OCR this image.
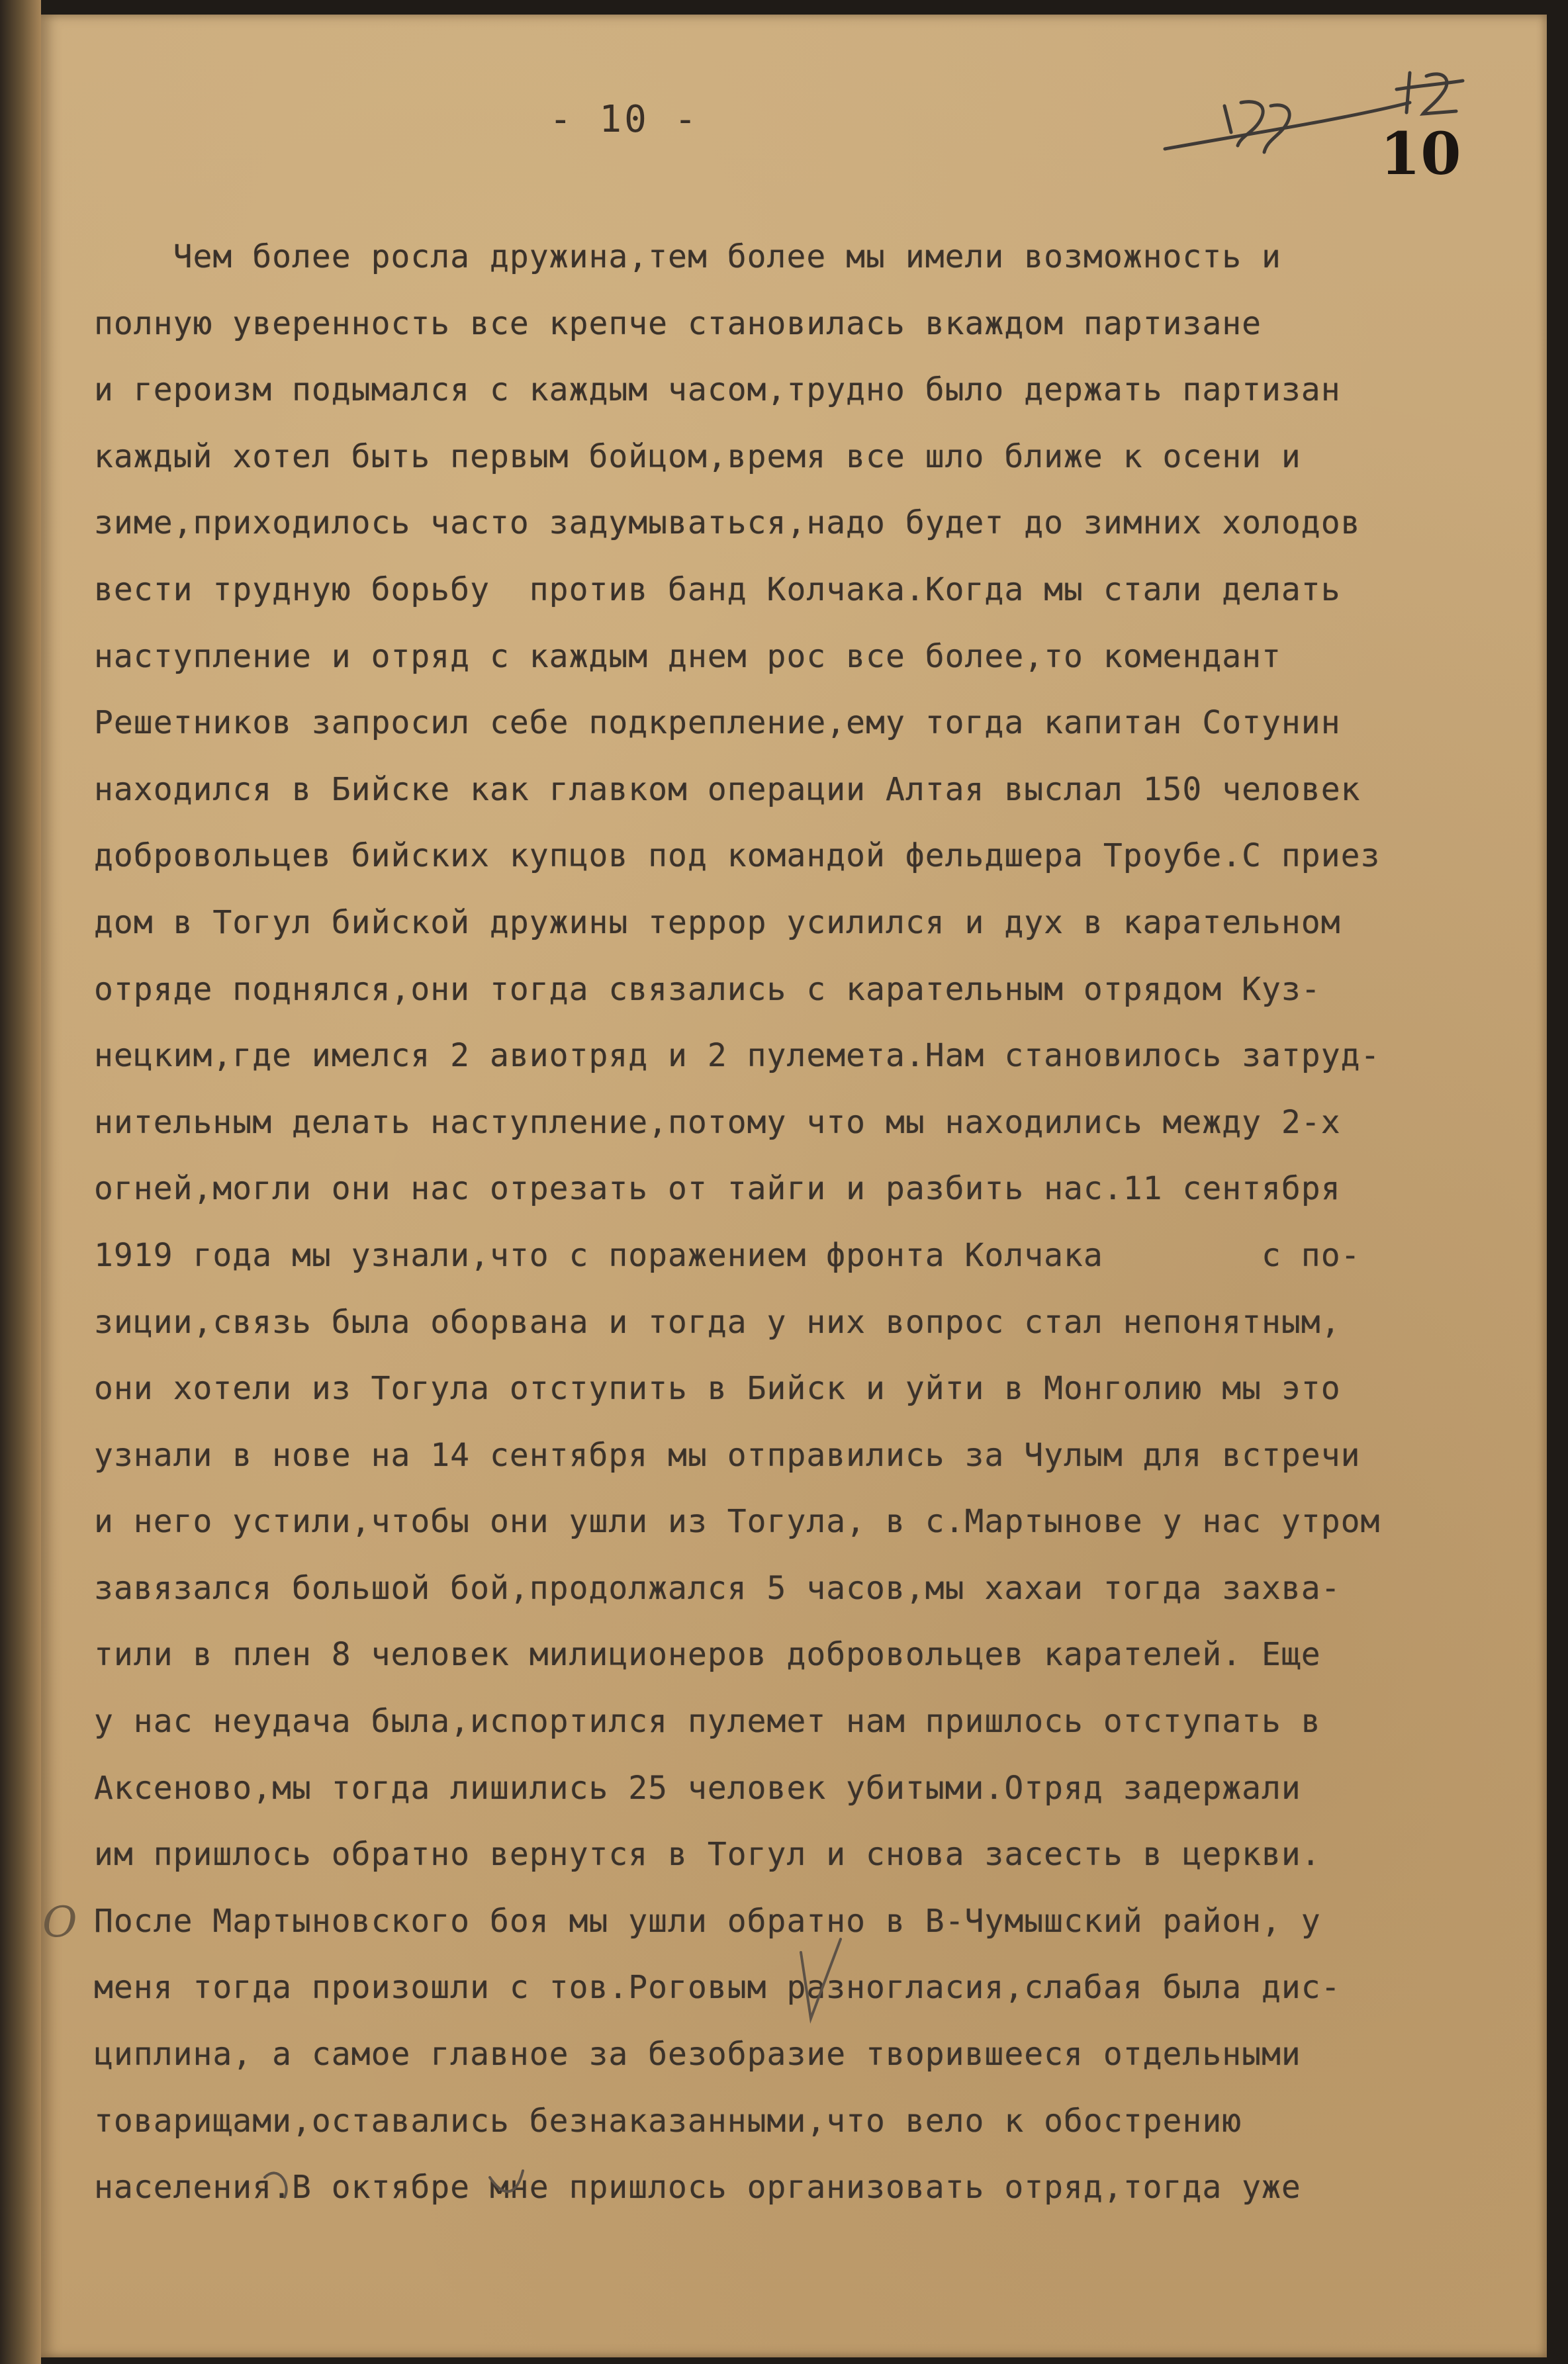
- 10 -	10
Чем более росла дружина,тем более мы имели возможность и
полную уверенность все крепче становилась вкаждом партизане
и героизм подымался с каждым часом,трудно было держать партизан
каждый хотел быть первым бойцом,время все шло ближе к осени и
зиме,приходилось часто задумываться,надо будет до зимних холодов
вести трудную борьбу  против банд Колчака.Когда мы стали делать
наступление и отряд с каждым днем рос все более,то комендант
Решетников запросил себе подкрепление,ему тогда капитан Сотунин
находился в Бийске как главком операции Алтая выслал 150 человек
добровольцев бийских купцов под командой фельдшера Троубе.С приез
дом в Тогул бийской дружины террор усилился и дух в карательном
отряде поднялся,они тогда связались с карательным отрядом Куз-
нецким,где имелся 2 авиотряд и 2 пулемета.Нам становилось затруд-
нительным делать наступление,потому что мы находились между 2-х
огней,могли они нас отрезать от тайги и разбить нас.11 сентября
1919 года мы узнали,что с поражением фронта Колчака        с по-
зиции,связь была оборвана и тогда у них вопрос стал непонятным,
они хотели из Тогула отступить в Бийск и уйти в Монголию мы это
узнали в нове на 14 сентября мы отправились за Чулым для встречи
и него устили,чтобы они ушли из Тогула, в с.Мартынове у нас утром
завязался большой бой,продолжался 5 часов,мы хахаи тогда захва-
тили в плен 8 человек милиционеров добровольцев карателей. Еще
у нас неудача была,испортился пулемет нам пришлось отступать в
Аксеново,мы тогда лишились 25 человек убитыми.Отряд задержали
им пришлось обратно вернутся в Тогул и снова засесть в церкви.
После Мартыновского боя мы ушли обратно в В-Чумышский район, у
меня тогда произошли с тов.Роговым разногласия,слабая была дис-
циплина, а самое главное за безобразие творившееся отдельными
товарищами,оставались безнаказанными,что вело к обострению
населения.В октябре мне пришлось организовать отряд,тогда уже
О
